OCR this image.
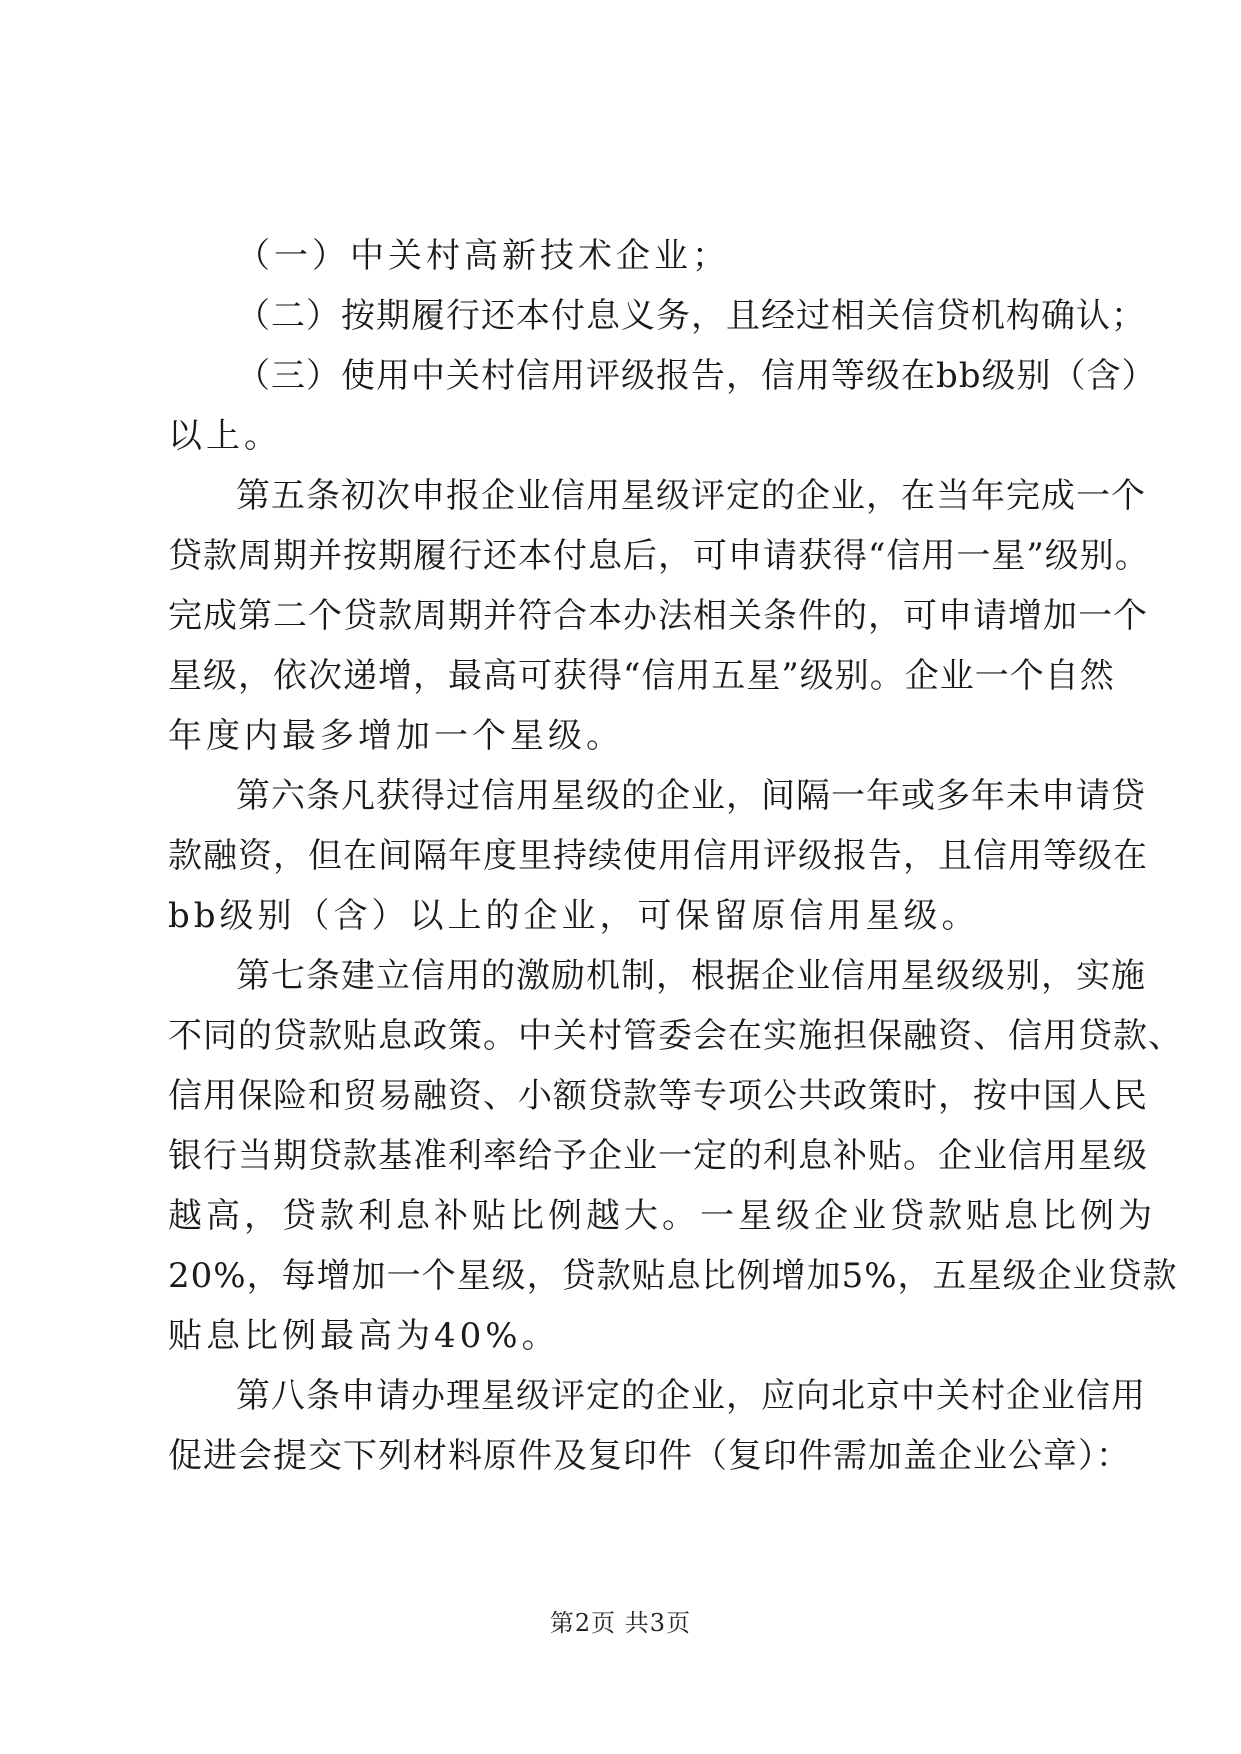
（一）中关村高新技术企业；
（二）按期履行还本付息义务，且经过相关信贷机构确认；
（三）使用中关村信用评级报告，信用等级在bb级别（含）
以上。
第五条初次申报企业信用星级评定的企业，在当年完成一个
贷款周期并按期履行还本付息后，可申请获得“信用一星”级别。
完成第二个贷款周期并符合本办法相关条件的，可申请增加一个
星级，依次递增，最高可获得“信用五星”级别。企业一个自然
年度内最多增加一个星级。
第六条凡获得过信用星级的企业，间隔一年或多年未申请贷
款融资，但在间隔年度里持续使用信用评级报告，且信用等级在
bb级别（含）以上的企业，可保留原信用星级。
第七条建立信用的激励机制，根据企业信用星级级别，实施
不同的贷款贴息政策。中关村管委会在实施担保融资、信用贷款、
信用保险和贸易融资、小额贷款等专项公共政策时，按中国人民
银行当期贷款基准利率给予企业一定的利息补贴。企业信用星级
越高，贷款利息补贴比例越大。一星级企业贷款贴息比例为
20%，每增加一个星级，贷款贴息比例增加5%，五星级企业贷款
贴息比例最高为40%。
第八条申请办理星级评定的企业，应向北京中关村企业信用
促进会提交下列材料原件及复印件（复印件需加盖企业公章）：
第2页 共3页
